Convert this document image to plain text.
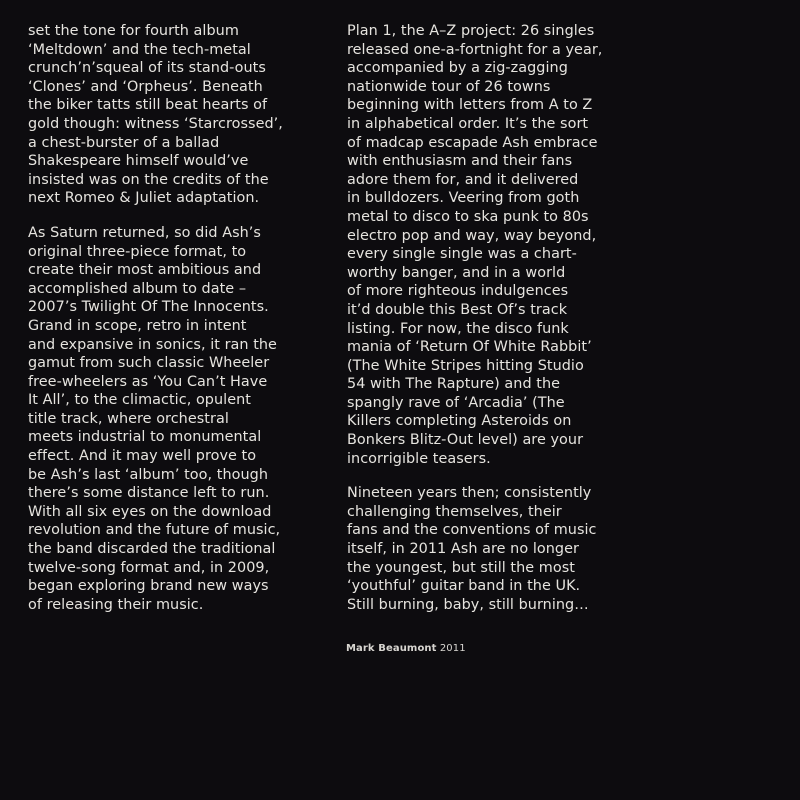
set the tone for fourth album
‘Meltdown’ and the tech-metal
crunch’n’squeal of its stand-outs
‘Clones’ and ‘Orpheus’. Beneath
the biker tatts still beat hearts of
gold though: witness ‘Starcrossed’,
a chest-burster of a ballad
Shakespeare himself would’ve
insisted was on the credits of the
next Romeo & Juliet adaptation.
As Saturn returned, so did Ash’s
original three-piece format, to
create their most ambitious and
accomplished album to date –
2007’s Twilight Of The Innocents.
Grand in scope, retro in intent
and expansive in sonics, it ran the
gamut from such classic Wheeler
free-wheelers as ‘You Can’t Have
It All’, to the climactic, opulent
title track, where orchestral
meets industrial to monumental
effect. And it may well prove to
be Ash’s last ‘album’ too, though
there’s some distance left to run.
With all six eyes on the download
revolution and the future of music,
the band discarded the traditional
twelve-song format and, in 2009,
began exploring brand new ways
of releasing their music.
Plan 1, the A–Z project: 26 singles
released one-a-fortnight for a year,
accompanied by a zig-zagging
nationwide tour of 26 towns
beginning with letters from A to Z
in alphabetical order. It’s the sort
of madcap escapade Ash embrace
with enthusiasm and their fans
adore them for, and it delivered
in bulldozers. Veering from goth
metal to disco to ska punk to 80s
electro pop and way, way beyond,
every single single was a chart-
worthy banger, and in a world
of more righteous indulgences
it’d double this Best Of’s track
listing. For now, the disco funk
mania of ‘Return Of White Rabbit’
(The White Stripes hitting Studio
54 with The Rapture) and the
spangly rave of ‘Arcadia’ (The
Killers completing Asteroids on
Bonkers Blitz-Out level) are your
incorrigible teasers.
Nineteen years then; consistently
challenging themselves, their
fans and the conventions of music
itself, in 2011 Ash are no longer
the youngest, but still the most
‘youthful’ guitar band in the UK.
Still burning, baby, still burning…
Mark Beaumont 2011
